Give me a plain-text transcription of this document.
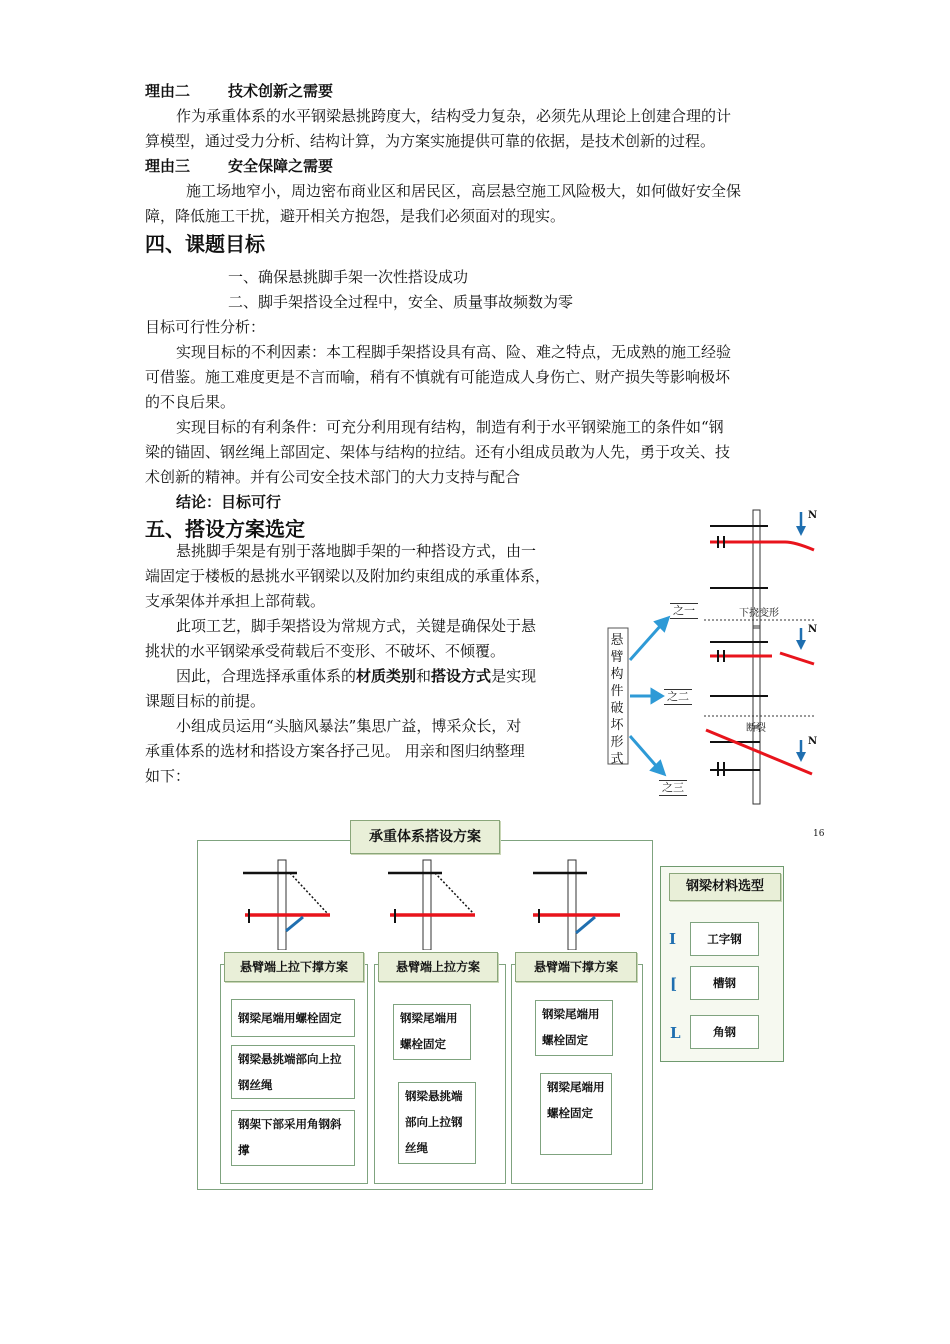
理由二	技术创新之需要
作为承重体系的水平钢梁悬挑跨度大，结构受力复杂，必须先从理论上创建合理的计
算模型，通过受力分析、结构计算，为方案实施提供可靠的依据，是技术创新的过程。
理由三	安全保障之需要
施工场地窄小，周边密布商业区和居民区，高层悬空施工风险极大，如何做好安全保
障，降低施工干扰，避开相关方抱怨，是我们必须面对的现实。
四、课题目标
一、确保悬挑脚手架一次性搭设成功
二、脚手架搭设全过程中，安全、质量事故频数为零
目标可行性分析：
实现目标的不利因素：本工程脚手架搭设具有高、险、难之特点，无成熟的施工经验
可借鉴。施工难度更是不言而喻，稍有不慎就有可能造成人身伤亡、财产损失等影响极坏
的不良后果。
实现目标的有利条件：可充分利用现有结构，制造有利于水平钢梁施工的条件如“钢
梁的锚固、钢丝绳上部固定、架体与结构的拉结。还有小组成员敢为人先，勇于攻关、技
术创新的精神。并有公司安全技术部门的大力支持与配合
结论：目标可行
五、搭设方案选定
悬挑脚手架是有别于落地脚手架的一种搭设方式，由一
端固定于楼板的悬挑水平钢梁以及附加约束组成的承重体系，
支承架体并承担上部荷载。
此项工艺，脚手架搭设为常规方式，关键是确保处于悬
挑状的水平钢梁承受荷载后不变形、不破坏、不倾覆。
因此，合理选择承重体系的材质类别和搭设方式是实现
课题目标的前提。
小组成员运用“头脑风暴法”集思广益，博采众长，对
承重体系的选材和搭设方案各抒己见。 用亲和图归纳整理
如下：
悬臂构件破坏形式
之一
之二
之三
下挠变形
断裂
N
N
N
承重体系搭设方案	16
悬臂端上拉下撑方案
钢梁尾端用螺栓固定
钢梁悬挑端部向上拉钢丝绳
钢架下部采用角钢斜撑
悬臂端上拉方案
钢梁尾端用螺栓固定
钢梁悬挑端部向上拉钢丝绳
悬臂端下撑方案
钢梁尾端用螺栓固定
钢梁尾端用螺栓固定
钢梁材料选型
I	工字钢
[	槽钢
L	角钢
